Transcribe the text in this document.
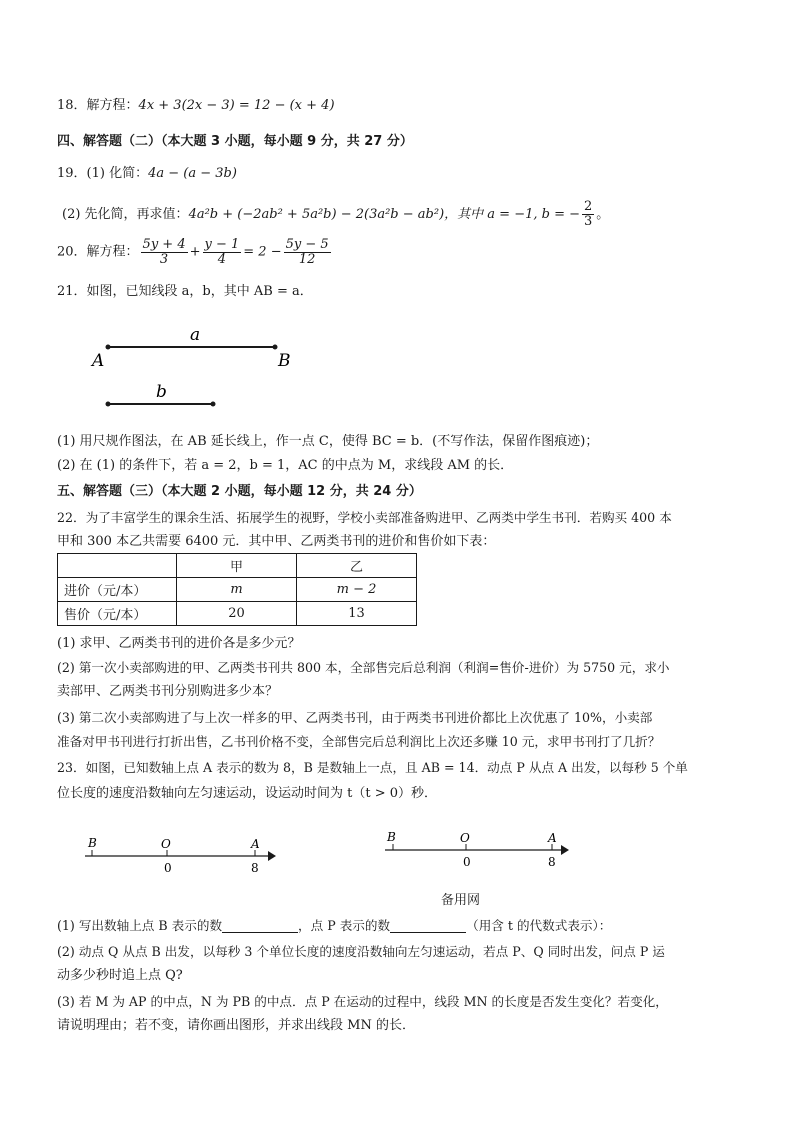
18．解方程：4x + 3(2x − 3) = 12 − (x + 4)
四、解答题（二）（本大题 3 小题，每小题 9 分，共 27 分）
19．(1) 化简：4a − (a − 3b)
(2) 先化简，再求值：4a²b + (−2ab² + 5a²b) − 2(3a²b − ab²)，其中 a = −1, b = − $\frac{2}{3}$ 。
20．解方程： $\frac{5y + 4}{3} + \frac{y - 1}{4} = 2 - \frac{5y - 5}{12}$
21．如图，已知线段 a，b，其中 AB = a．
a
A	B
b
(1) 用尺规作图法，在 AB 延长线上，作一点 C，使得 BC = b．(不写作法，保留作图痕迹)；
(2) 在 (1) 的条件下，若 a = 2，b = 1，AC 的中点为 M，求线段 AM 的长．
五、解答题（三）（本大题 2 小题，每小题 12 分，共 24 分）
22．为了丰富学生的课余生活、拓展学生的视野，学校小卖部准备购进甲、乙两类中学生书刊．若购买 400 本
甲和 300 本乙共需要 6400 元．其中甲、乙两类书刊的进价和售价如下表：
	甲	乙
进价（元/本）	m	m − 2
售价（元/本）	20	13
(1) 求甲、乙两类书刊的进价各是多少元？
(2) 第一次小卖部购进的甲、乙两类书刊共 800 本，全部售完后总利润（利润=售价-进价）为 5750 元，求小
卖部甲、乙两类书刊分别购进多少本？
(3) 第二次小卖部购进了与上次一样多的甲、乙两类书刊，由于两类书刊进价都比上次优惠了 10%，小卖部
准备对甲书刊进行打折出售，乙书刊价格不变，全部售完后总利润比上次还多赚 10 元，求甲书刊打了几折？
23．如图，已知数轴上点 A 表示的数为 8，B 是数轴上一点，且 AB = 14．动点 P 从点 A 出发，以每秒 5 个单
位长度的速度沿数轴向左匀速运动，设运动时间为 t（t > 0）秒．
B	O	A
0	8
B	O	A
0	8
备用网
(1) 写出数轴上点 B 表示的数	，点 P 表示的数	（用含 t 的代数式表示）：
(2) 动点 Q 从点 B 出发，以每秒 3 个单位长度的速度沿数轴向左匀速运动，若点 P、Q 同时出发，问点 P 运
动多少秒时追上点 Q?
(3) 若 M 为 AP 的中点，N 为 PB 的中点．点 P 在运动的过程中，线段 MN 的长度是否发生变化？若变化，
请说明理由；若不变，请你画出图形，并求出线段 MN 的长．
